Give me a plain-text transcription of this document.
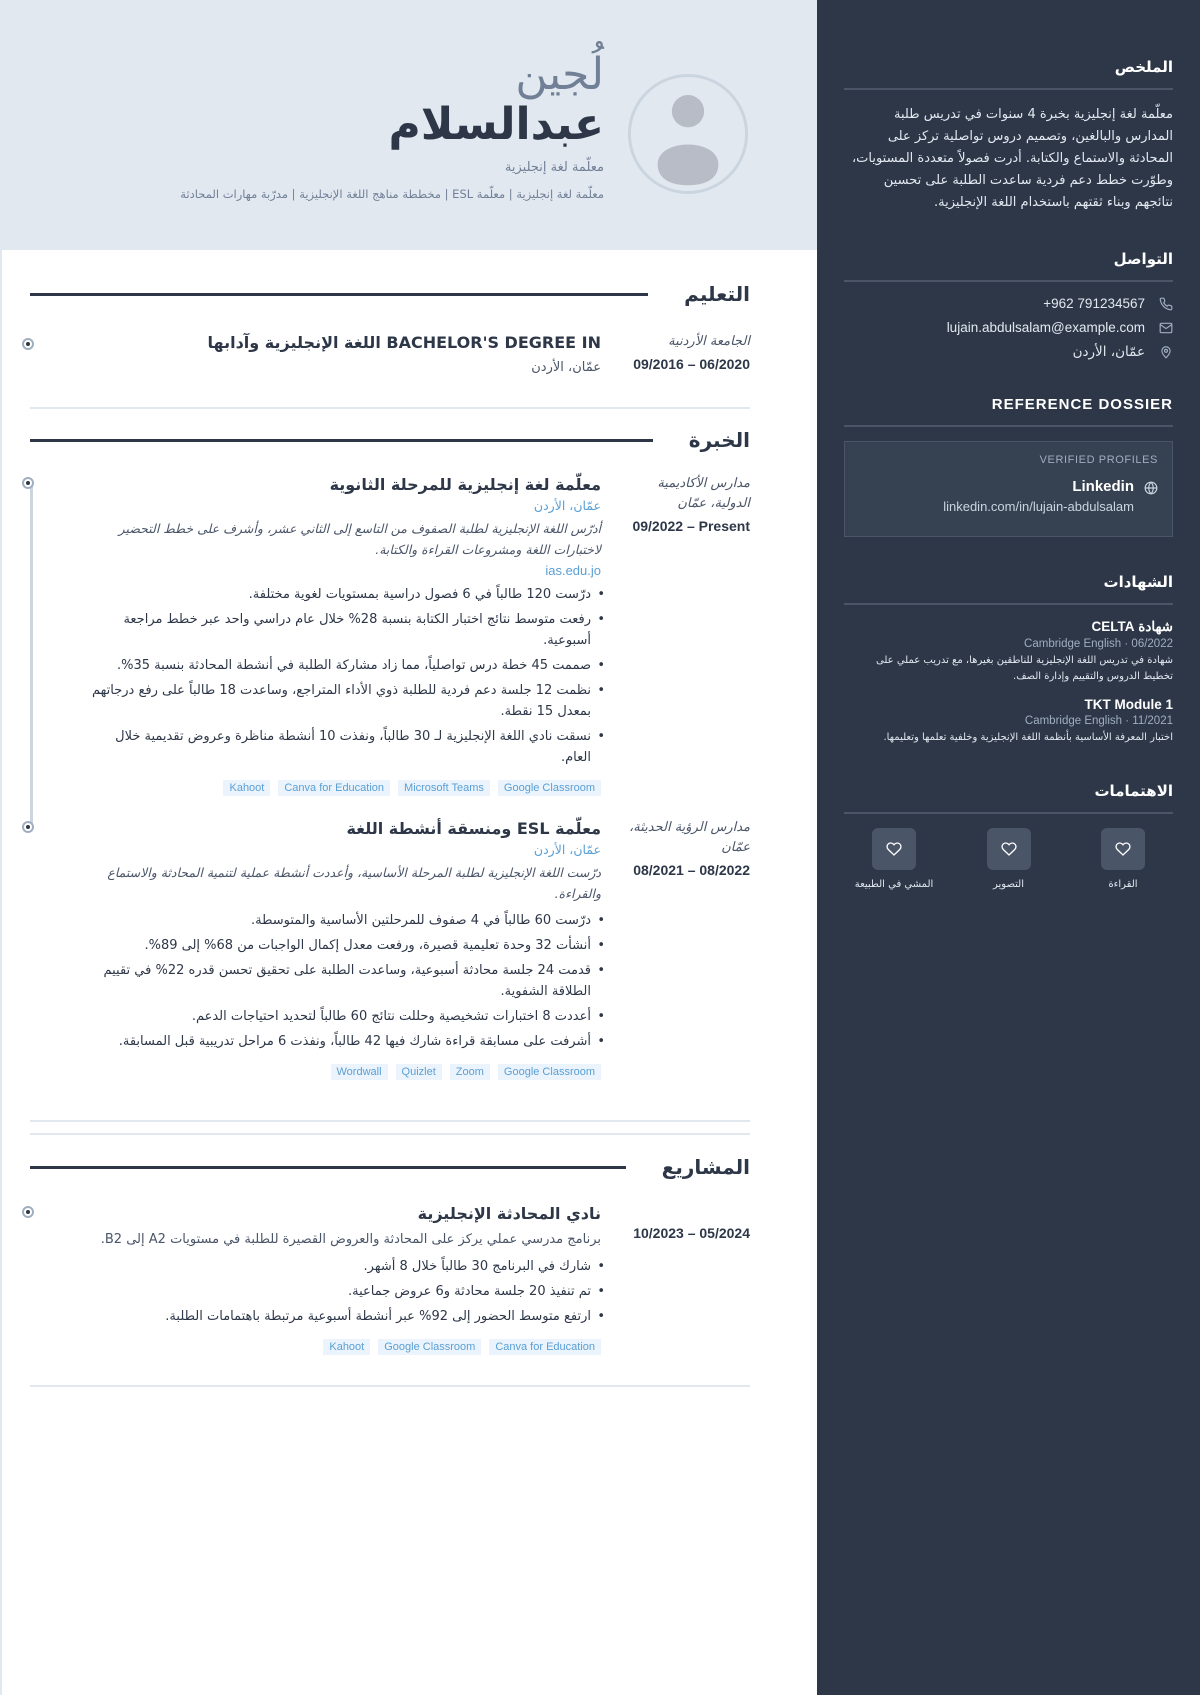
لُجين
عبدالسلام
معلّمة لغة إنجليزية
معلّمة لغة إنجليزية | معلّمة ESL | مخططة مناهج اللغة الإنجليزية | مدرّبة مهارات المحادثة
الملخص
معلّمة لغة إنجليزية بخبرة 4 سنوات في تدريس طلبة المدارس والبالغين، وتصميم دروس تواصلية تركز على المحادثة والاستماع والكتابة. أدرت فصولاً متعددة المستويات، وطوّرت خطط دعم فردية ساعدت الطلبة على تحسين نتائجهم وبناء ثقتهم باستخدام اللغة الإنجليزية.
التواصل
+962 791234567
lujain.abdulsalam@example.com
عمّان، الأردن
REFERENCE DOSSIER
VERIFIED PROFILES
Linkedin
linkedin.com/in/lujain-abdulsalam
الشهادات
شهادة CELTA
Cambridge English · 06/2022
شهادة في تدريس اللغة الإنجليزية للناطقين بغيرها، مع تدريب عملي على تخطيط الدروس والتقييم وإدارة الصف.
TKT Module 1
Cambridge English · 11/2021
اختبار المعرفة الأساسية بأنظمة اللغة الإنجليزية وخلفية تعلمها وتعليمها.
الاهتمامات
القراءة
التصوير
المشي في الطبيعة
التعليم
الجامعة الأردنية
09/2016 – 06/2020
BACHELOR'S DEGREE IN اللغة الإنجليزية وآدابها
عمّان، الأردن
الخبرة
مدارس الأكاديمية الدولية، عمّان
09/2022 – Present
معلّمة لغة إنجليزية للمرحلة الثانوية
عمّان، الأردن
أدرّس اللغة الإنجليزية لطلبة الصفوف من التاسع إلى الثاني عشر، وأشرف على خطط التحضير لاختبارات اللغة ومشروعات القراءة والكتابة.
ias.edu.jo
• درّست 120 طالباً في 6 فصول دراسية بمستويات لغوية مختلفة.
• رفعت متوسط نتائج اختبار الكتابة بنسبة 28% خلال عام دراسي واحد عبر خطط مراجعة أسبوعية.
• صممت 45 خطة درس تواصلياً، مما زاد مشاركة الطلبة في أنشطة المحادثة بنسبة 35%.
• نظمت 12 جلسة دعم فردية للطلبة ذوي الأداء المتراجع، وساعدت 18 طالباً على رفع درجاتهم بمعدل 15 نقطة.
• نسقت نادي اللغة الإنجليزية لـ 30 طالباً، ونفذت 10 أنشطة مناظرة وعروض تقديمية خلال العام.
Google Classroom
Microsoft Teams
Canva for Education
Kahoot
مدارس الرؤية الحديثة، عمّان
08/2021 – 08/2022
معلّمة ESL ومنسقة أنشطة اللغة
عمّان، الأردن
درّست اللغة الإنجليزية لطلبة المرحلة الأساسية، وأعددت أنشطة عملية لتنمية المحادثة والاستماع والقراءة.
• درّست 60 طالباً في 4 صفوف للمرحلتين الأساسية والمتوسطة.
• أنشأت 32 وحدة تعليمية قصيرة، ورفعت معدل إكمال الواجبات من 68% إلى 89%.
• قدمت 24 جلسة محادثة أسبوعية، وساعدت الطلبة على تحقيق تحسن قدره 22% في تقييم الطلاقة الشفوية.
• أعددت 8 اختبارات تشخيصية وحللت نتائج 60 طالباً لتحديد احتياجات الدعم.
• أشرفت على مسابقة قراءة شارك فيها 42 طالباً، ونفذت 6 مراحل تدريبية قبل المسابقة.
Google Classroom
Zoom
Quizlet
Wordwall
المشاريع
10/2023 – 05/2024
نادي المحادثة الإنجليزية
برنامج مدرسي عملي يركز على المحادثة والعروض القصيرة للطلبة في مستويات A2 إلى B2.
• شارك في البرنامج 30 طالباً خلال 8 أشهر.
• تم تنفيذ 20 جلسة محادثة و6 عروض جماعية.
• ارتفع متوسط الحضور إلى 92% عبر أنشطة أسبوعية مرتبطة باهتمامات الطلبة.
Canva for Education
Google Classroom
Kahoot
